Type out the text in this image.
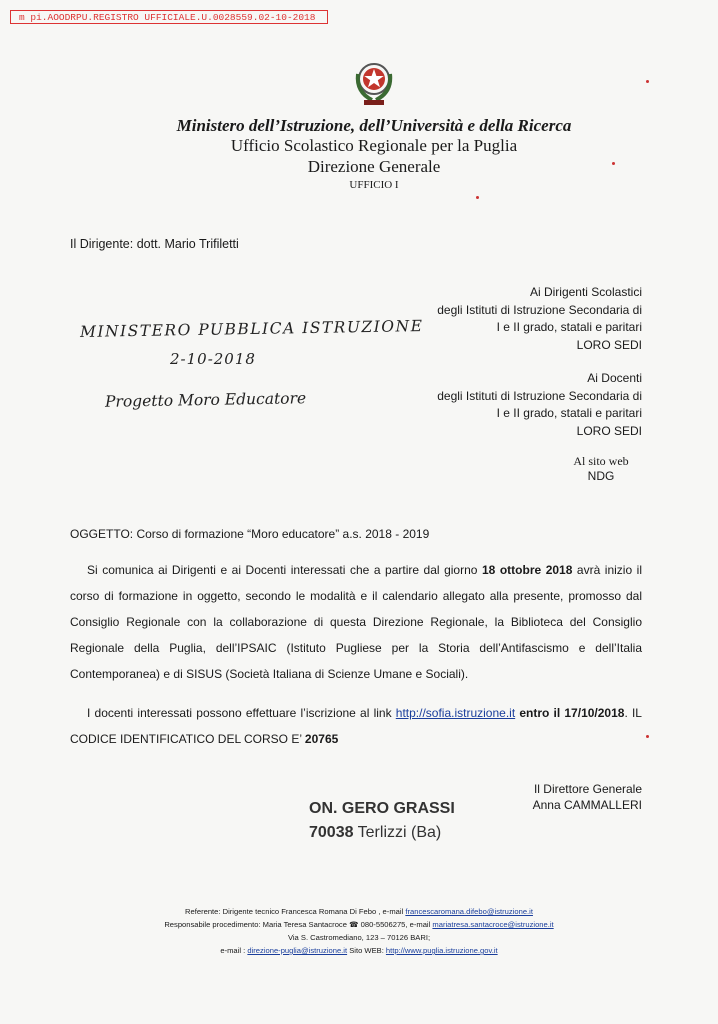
m pi.AOODRPU.REGISTRO UFFICIALE.U.0028559.02-10-2018
Ministero dell’Istruzione, dell’Università e della Ricerca
Ufficio Scolastico Regionale per la Puglia
Direzione Generale
UFFICIO I
Il Dirigente: dott. Mario Trifiletti
MINISTERO PUBBLICA ISTRUZIONE
2-10-2018
Progetto Moro Educatore
Ai Dirigenti Scolastici
degli Istituti di Istruzione Secondaria di
I e II grado, statali e paritari
LORO SEDI
Ai Docenti
degli Istituti di Istruzione Secondaria di
I e II grado, statali e paritari
LORO SEDI
Al sito web
NDG
OGGETTO: Corso di formazione “Moro educatore” a.s. 2018 - 2019
Si comunica ai Dirigenti e ai Docenti interessati che a partire dal giorno 18 ottobre 2018 avrà inizio il corso di formazione in oggetto, secondo le modalità e il calendario allegato alla presente, promosso dal Consiglio Regionale con la collaborazione di questa Direzione Regionale, la Biblioteca del Consiglio Regionale della Puglia, dell’IPSAIC (Istituto Pugliese per la Storia dell’Antifascismo e dell’Italia Contemporanea) e di SISUS (Società Italiana di Scienze Umane e Sociali).
I docenti interessati possono effettuare l’iscrizione al link http://sofia.istruzione.it entro il 17/10/2018. IL CODICE IDENTIFICATICO DEL CORSO E’ 20765
Il Direttore Generale
Anna CAMMALLERI
ON. GERO GRASSI
70038 Terlizzi (Ba)
Referente: Dirigente tecnico Francesca Romana Di Febo , e-mail francescaromana.difebo@istruzione.it
Responsabile procedimento: Maria Teresa Santacroce ☎ 080-5506275, e-mail mariatresa.santacroce@istruzione.it
Via S. Castromediano, 123 – 70126 BARI;
e-mail : direzione-puglia@istruzione.it Sito WEB: http://www.puglia.istruzione.gov.it
